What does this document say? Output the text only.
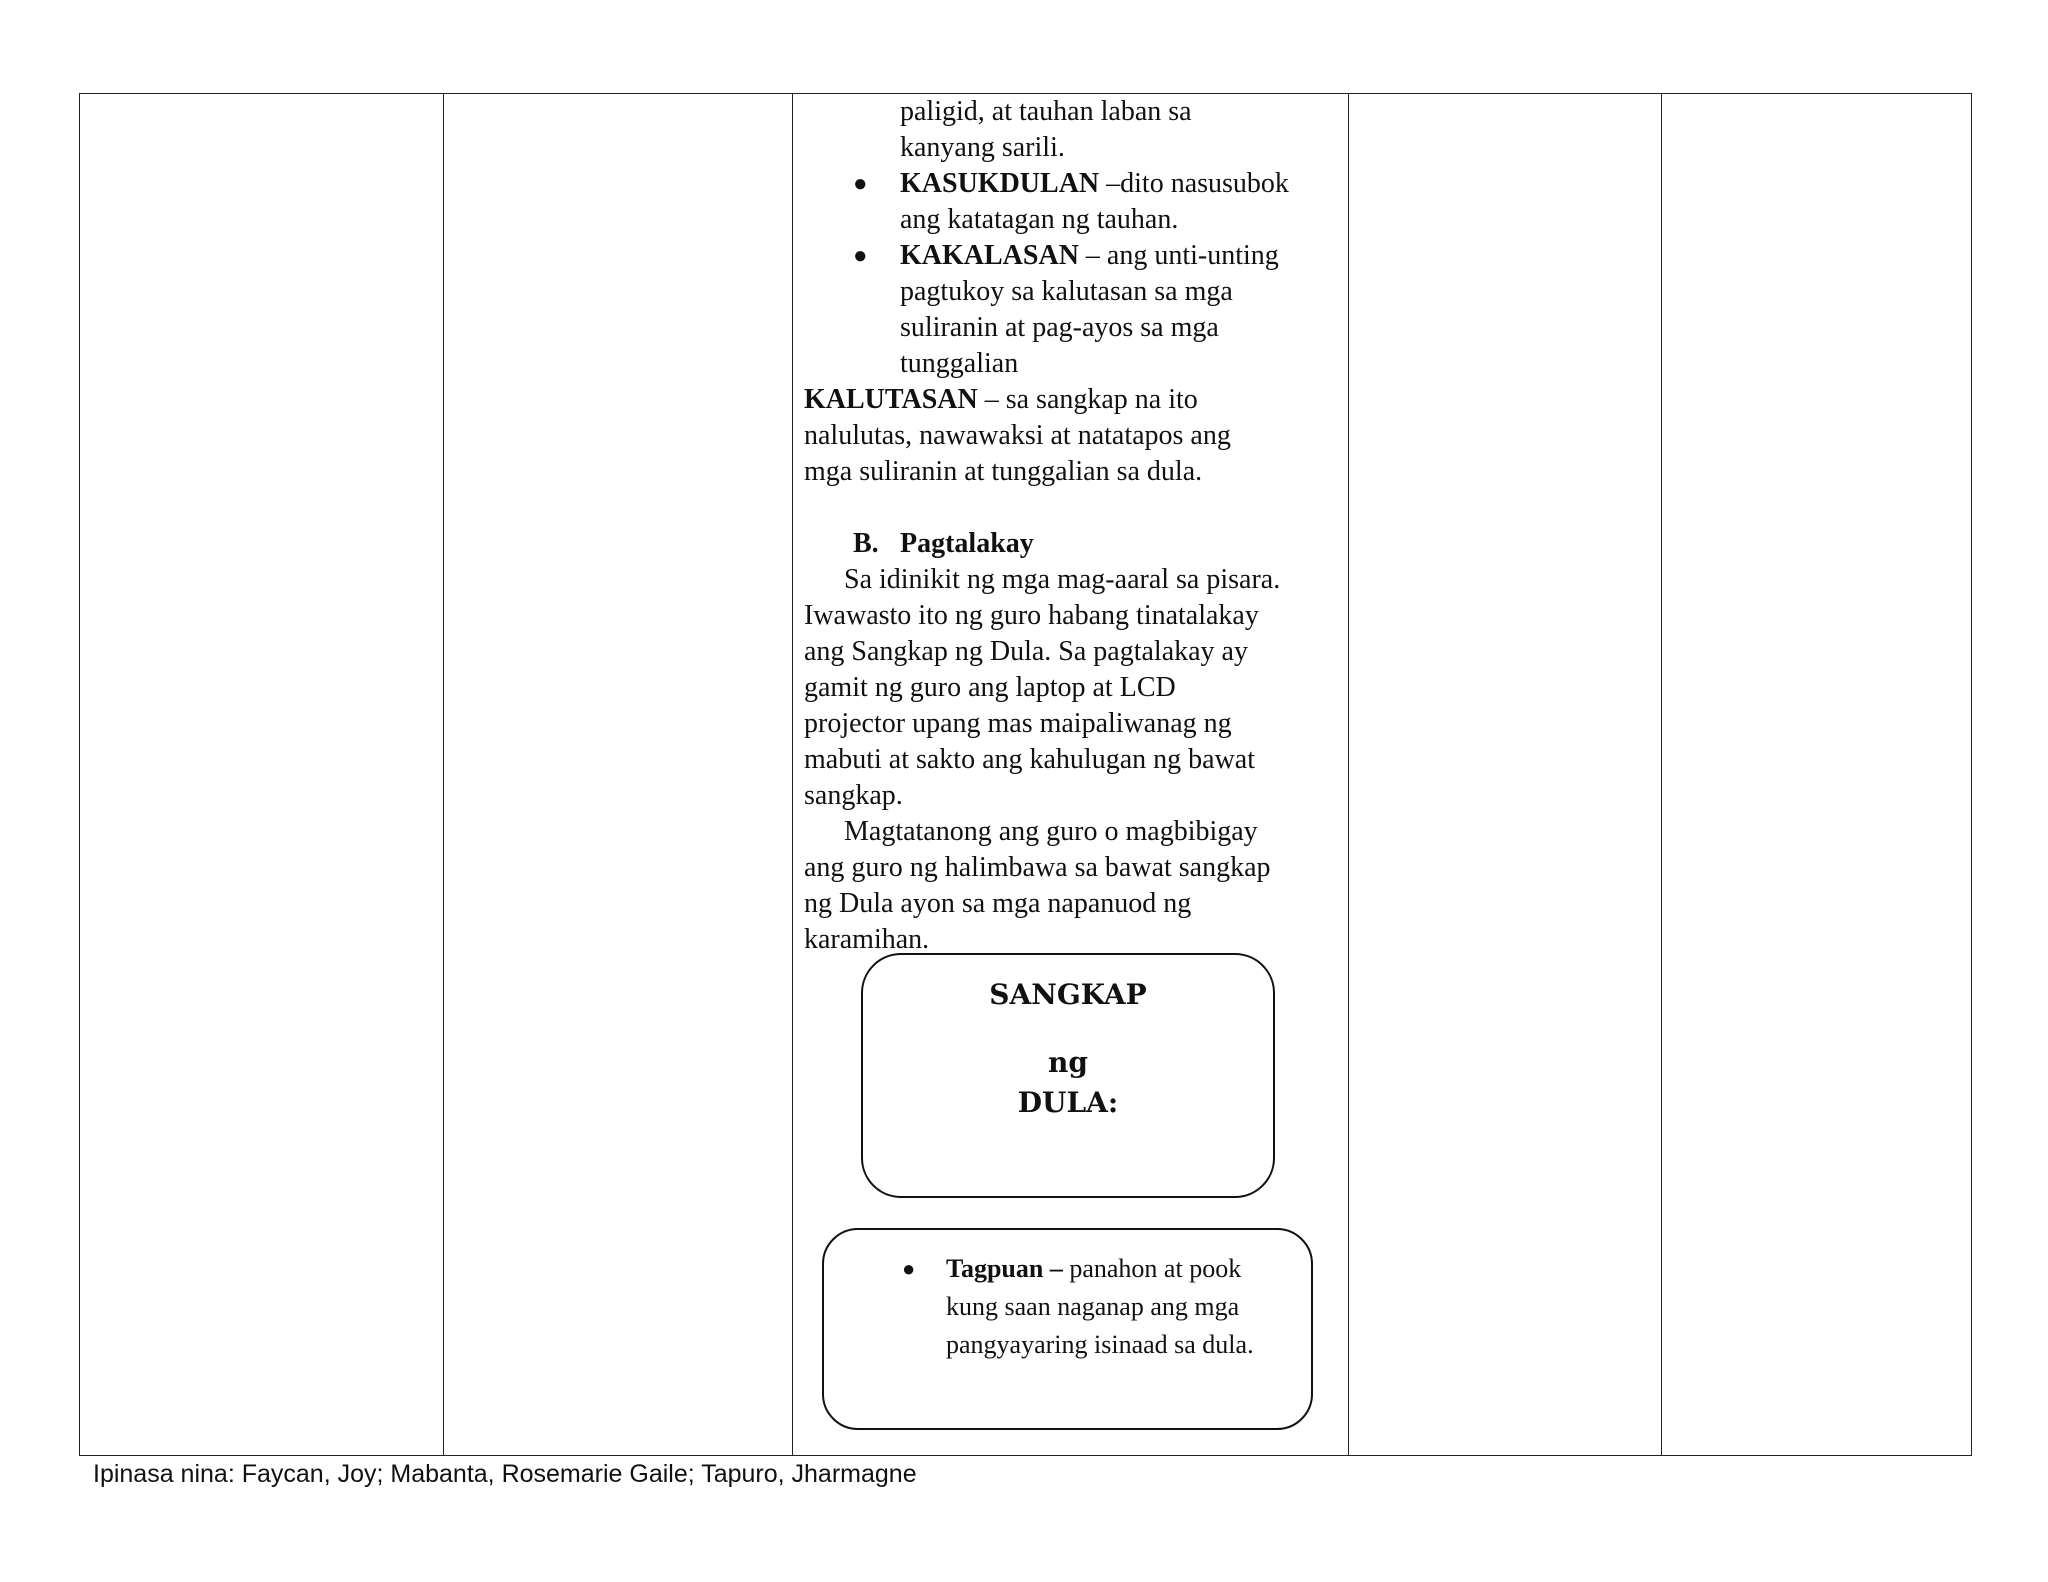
paligid, at tauhan laban sa
kanyang sarili.
● KASUKDULAN –dito nasusubok
ang katatagan ng tauhan.
● KAKALASAN – ang unti-unting
pagtukoy sa kalutasan sa mga
suliranin at pag-ayos sa mga
tunggalian
KALUTASAN – sa sangkap na ito
nalulutas, nawawaksi at natatapos ang
mga suliranin at tunggalian sa dula.
B. Pagtalakay
Sa idinikit ng mga mag-aaral sa pisara.
Iwawasto ito ng guro habang tinatalakay
ang Sangkap ng Dula. Sa pagtalakay ay
gamit ng guro ang laptop at LCD
projector upang mas maipaliwanag ng
mabuti at sakto ang kahulugan ng bawat
sangkap.
Magtatanong ang guro o magbibigay
ang guro ng halimbawa sa bawat sangkap
ng Dula ayon sa mga napanuod ng
karamihan.
SANGKAP
ng
DULA:
● Tagpuan – panahon at pook
kung saan naganap ang mga
pangyayaring isinaad sa dula.
Ipinasa nina: Faycan, Joy; Mabanta, Rosemarie Gaile; Tapuro, Jharmagne
